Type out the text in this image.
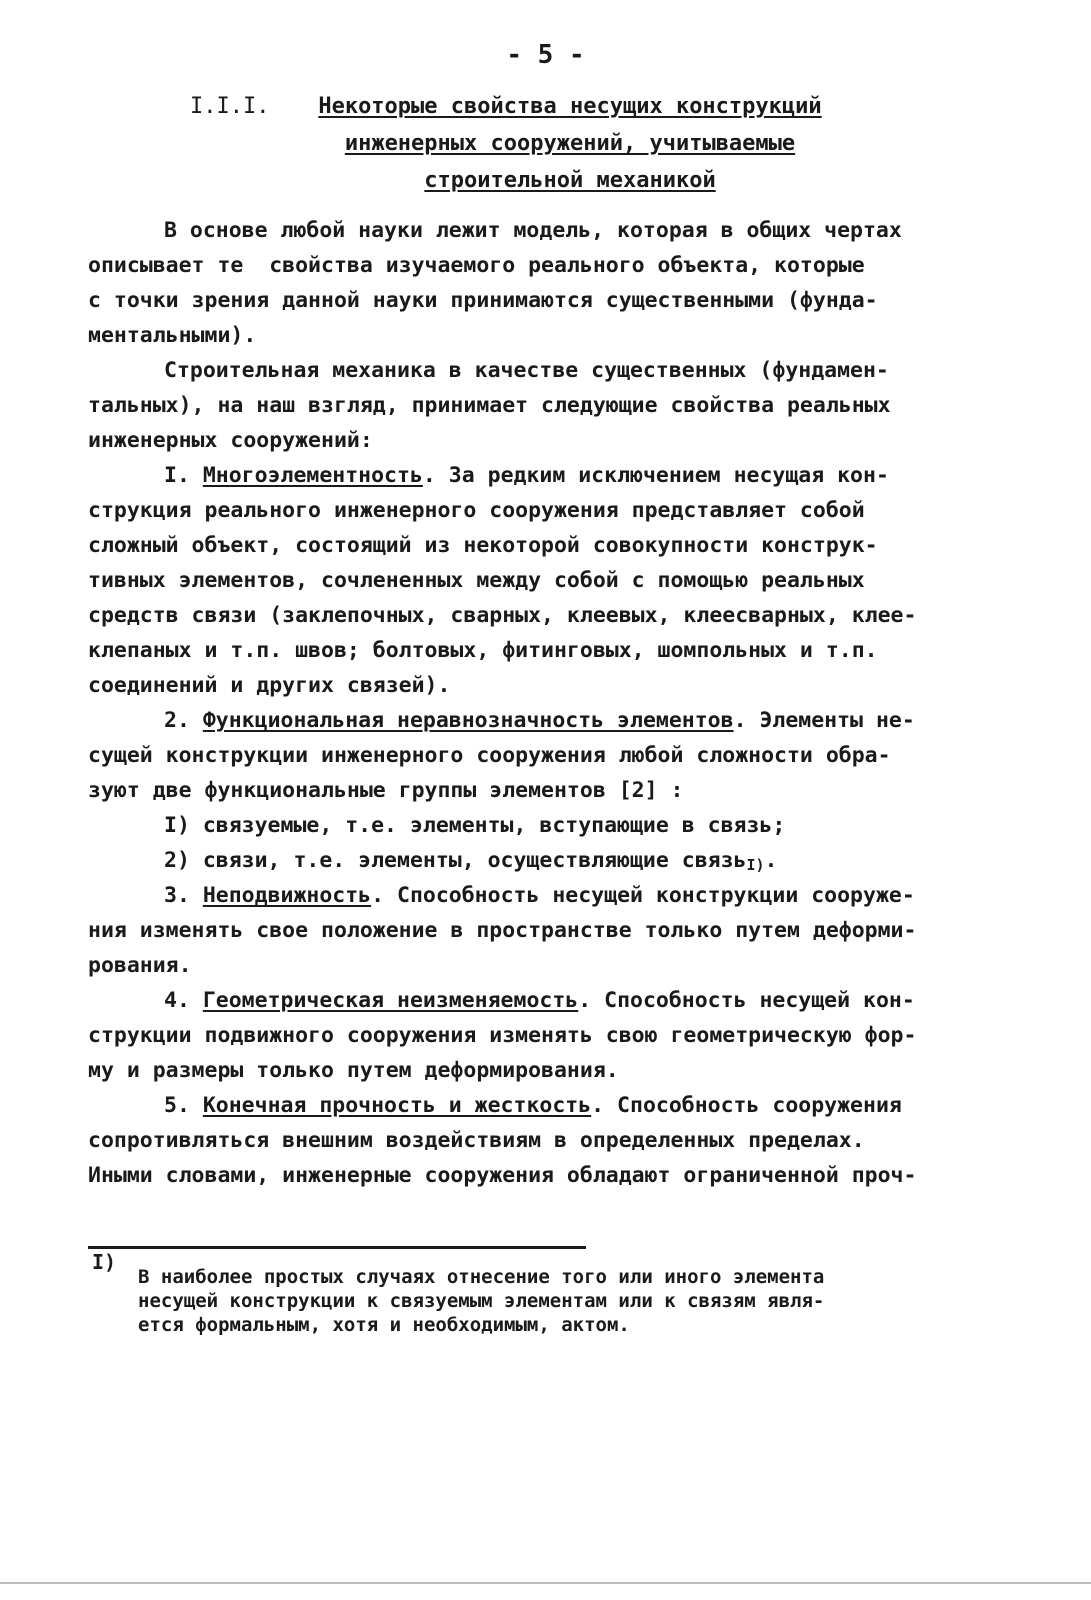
- 5 -
I.I.I.	Некоторые свойства несущих конструкций
инженерных сооружений, учитываемые
строительной механикой
В основе любой науки лежит модель, которая в общих чертах
описывает те  свойства изучаемого реального объекта, которые
с точки зрения данной науки принимаются существенными (фунда-
ментальными).
Строительная механика в качестве существенных (фундамен-
тальных), на наш взгляд, принимает следующие свойства реальных
инженерных сооружений:
I. Многоэлементность. За редким исключением несущая кон-
струкция реального инженерного сооружения представляет собой
сложный объект, состоящий из некоторой совокупности конструк-
тивных элементов, сочлененных между собой с помощью реальных
средств связи (заклепочных, сварных, клеевых, клеесварных, клее-
клепаных и т.п. швов; болтовых, фитинговых, шомпольных и т.п.
соединений и других связей).
2. Функциональная неравнозначность элементов. Элементы не-
сущей конструкции инженерного сооружения любой сложности обра-
зуют две функциональные группы элементов [2] :
I) связуемые, т.е. элементы, вступающие в связь;
2) связи, т.е. элементы, осуществляющие связь$_{I)}$.
3. Неподвижность. Способность несущей конструкции сооруже-
ния изменять свое положение в пространстве только путем деформи-
рования.
4. Геометрическая неизменяемость. Способность несущей кон-
струкции подвижного сооружения изменять свою геометрическую фор-
му и размеры только путем деформирования.
5. Конечная прочность и жесткость. Способность сооружения
сопротивляться внешним воздействиям в определенных пределах.
Иными словами, инженерные сооружения обладают ограниченной проч-
I)
В наиболее простых случаях отнесение того или иного элемента
несущей конструкции к связуемым элементам или к связям явля-
ется формальным, хотя и необходимым, актом.
